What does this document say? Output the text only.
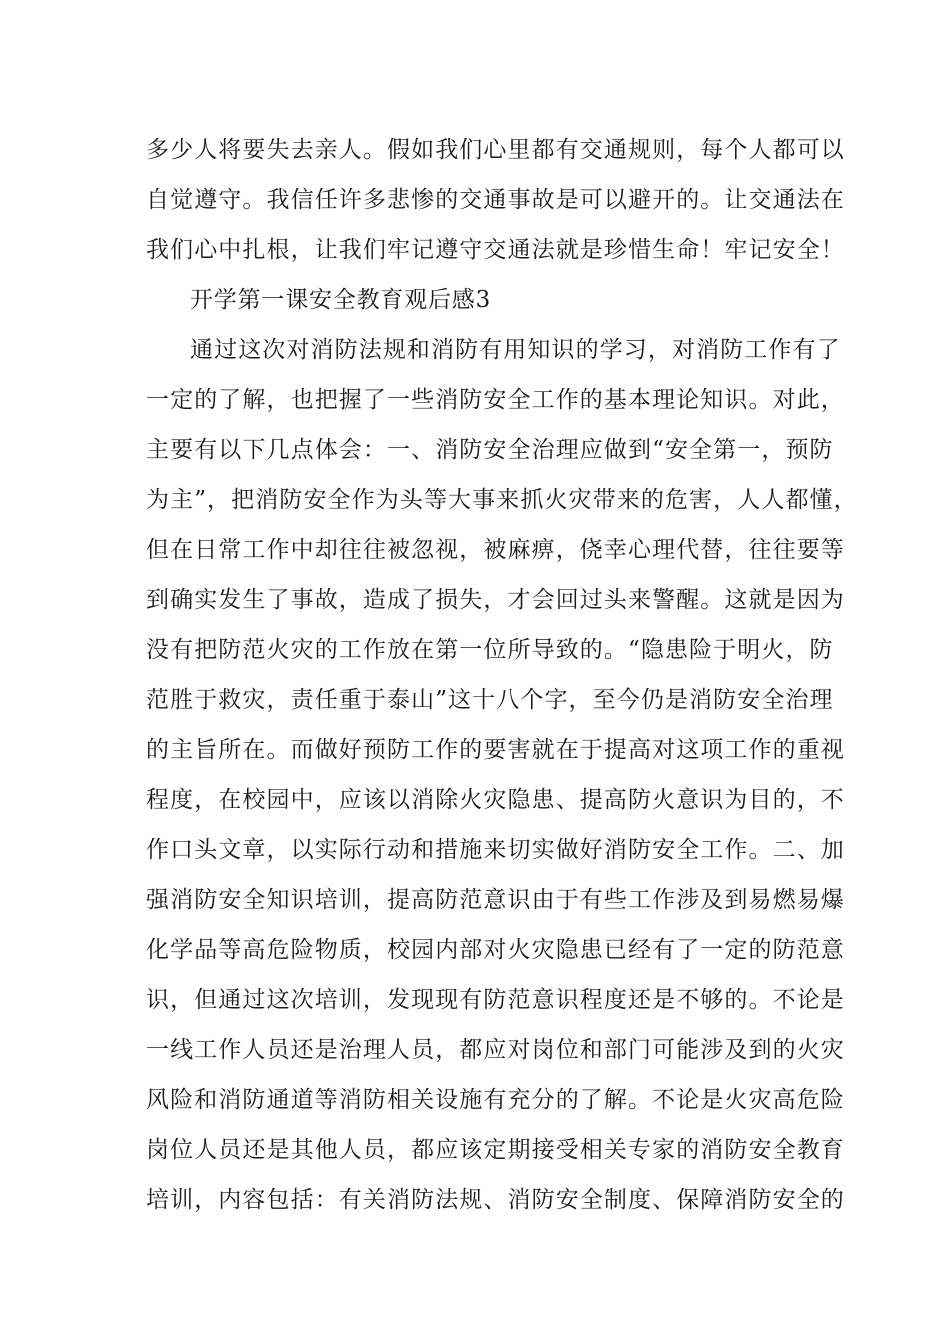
多少人将要失去亲人。假如我们心里都有交通规则，每个人都可以
自觉遵守。我信任许多悲惨的交通事故是可以避开的。让交通法在
我们心中扎根，让我们牢记遵守交通法就是珍惜生命！牢记安全！
开学第一课安全教育观后感3
通过这次对消防法规和消防有用知识的学习，对消防工作有了
一定的了解，也把握了一些消防安全工作的基本理论知识。对此，
主要有以下几点体会：一、消防安全治理应做到“安全第一，预防
为主”，把消防安全作为头等大事来抓火灾带来的危害，人人都懂，
但在日常工作中却往往被忽视，被麻痹，侥幸心理代替，往往要等
到确实发生了事故，造成了损失，才会回过头来警醒。这就是因为
没有把防范火灾的工作放在第一位所导致的。“隐患险于明火，防
范胜于救灾，责任重于泰山”这十八个字，至今仍是消防安全治理
的主旨所在。而做好预防工作的要害就在于提高对这项工作的重视
程度，在校园中，应该以消除火灾隐患、提高防火意识为目的，不
作口头文章，以实际行动和措施来切实做好消防安全工作。二、加
强消防安全知识培训，提高防范意识由于有些工作涉及到易燃易爆
化学品等高危险物质，校园内部对火灾隐患已经有了一定的防范意
识，但通过这次培训，发现现有防范意识程度还是不够的。不论是
一线工作人员还是治理人员，都应对岗位和部门可能涉及到的火灾
风险和消防通道等消防相关设施有充分的了解。不论是火灾高危险
岗位人员还是其他人员，都应该定期接受相关专家的消防安全教育
培训，内容包括：有关消防法规、消防安全制度、保障消防安全的
